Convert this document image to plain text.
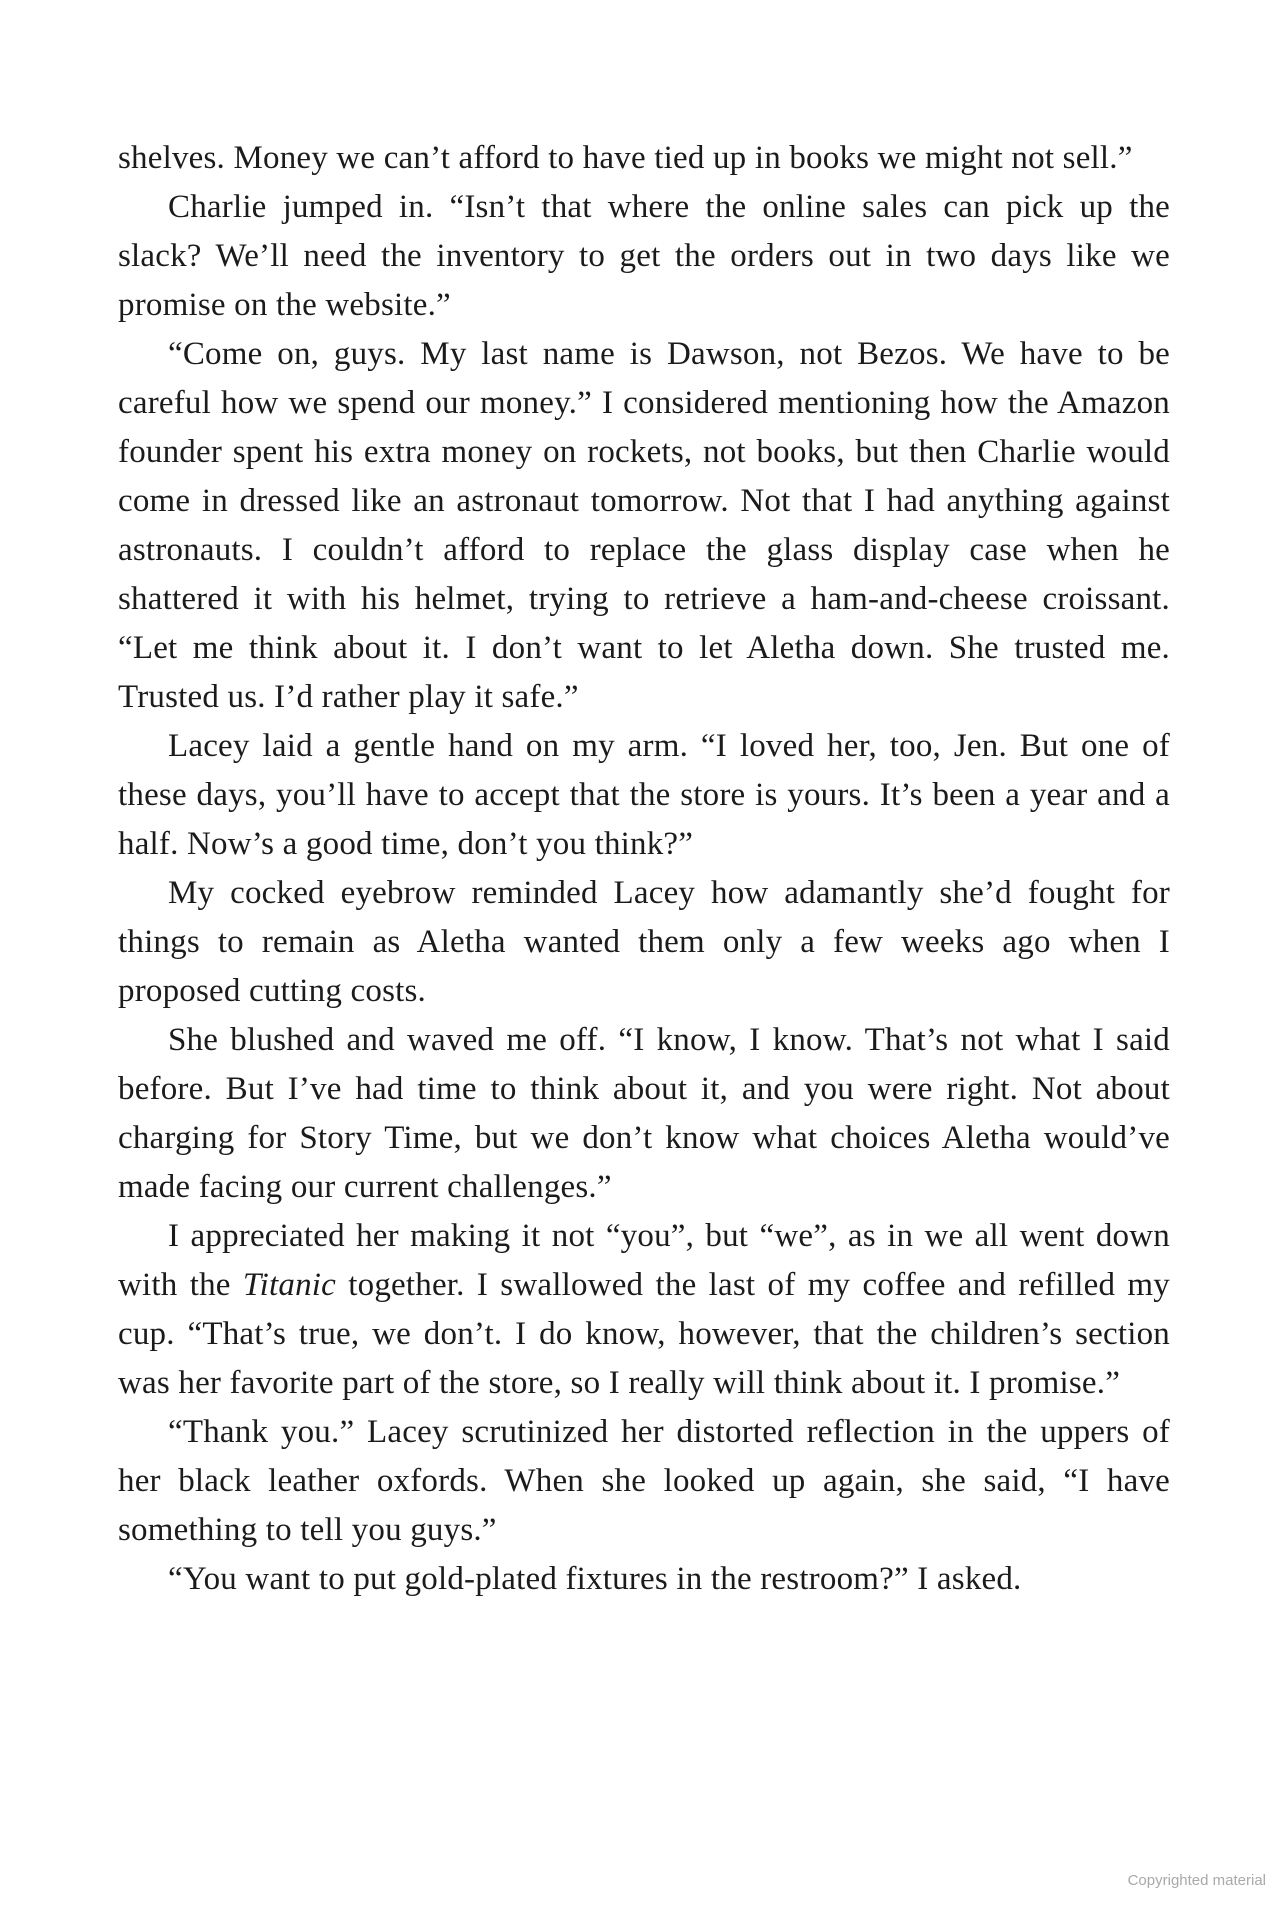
shelves. Money we can’t afford to have tied up in books we might not sell.”

Charlie jumped in. “Isn’t that where the online sales can pick up the slack? We’ll need the inventory to get the orders out in two days like we promise on the website.”

“Come on, guys. My last name is Dawson, not Bezos. We have to be careful how we spend our money.” I considered mentioning how the Amazon founder spent his extra money on rockets, not books, but then Charlie would come in dressed like an astronaut tomorrow. Not that I had anything against astronauts. I couldn’t afford to replace the glass display case when he shattered it with his helmet, trying to retrieve a ham-and-cheese croissant. “Let me think about it. I don’t want to let Aletha down. She trusted me. Trusted us. I’d rather play it safe.”

Lacey laid a gentle hand on my arm. “I loved her, too, Jen. But one of these days, you’ll have to accept that the store is yours. It’s been a year and a half. Now’s a good time, don’t you think?”

My cocked eyebrow reminded Lacey how adamantly she’d fought for things to remain as Aletha wanted them only a few weeks ago when I proposed cutting costs.

She blushed and waved me off. “I know, I know. That’s not what I said before. But I’ve had time to think about it, and you were right. Not about charging for Story Time, but we don’t know what choices Aletha would’ve made facing our current challenges.”

I appreciated her making it not “you”, but “we”, as in we all went down with the Titanic together. I swallowed the last of my coffee and refilled my cup. “That’s true, we don’t. I do know, however, that the children’s section was her favorite part of the store, so I really will think about it. I promise.”

“Thank you.” Lacey scrutinized her distorted reflection in the uppers of her black leather oxfords. When she looked up again, she said, “I have something to tell you guys.”

“You want to put gold-plated fixtures in the restroom?” I asked.

Copyrighted material
